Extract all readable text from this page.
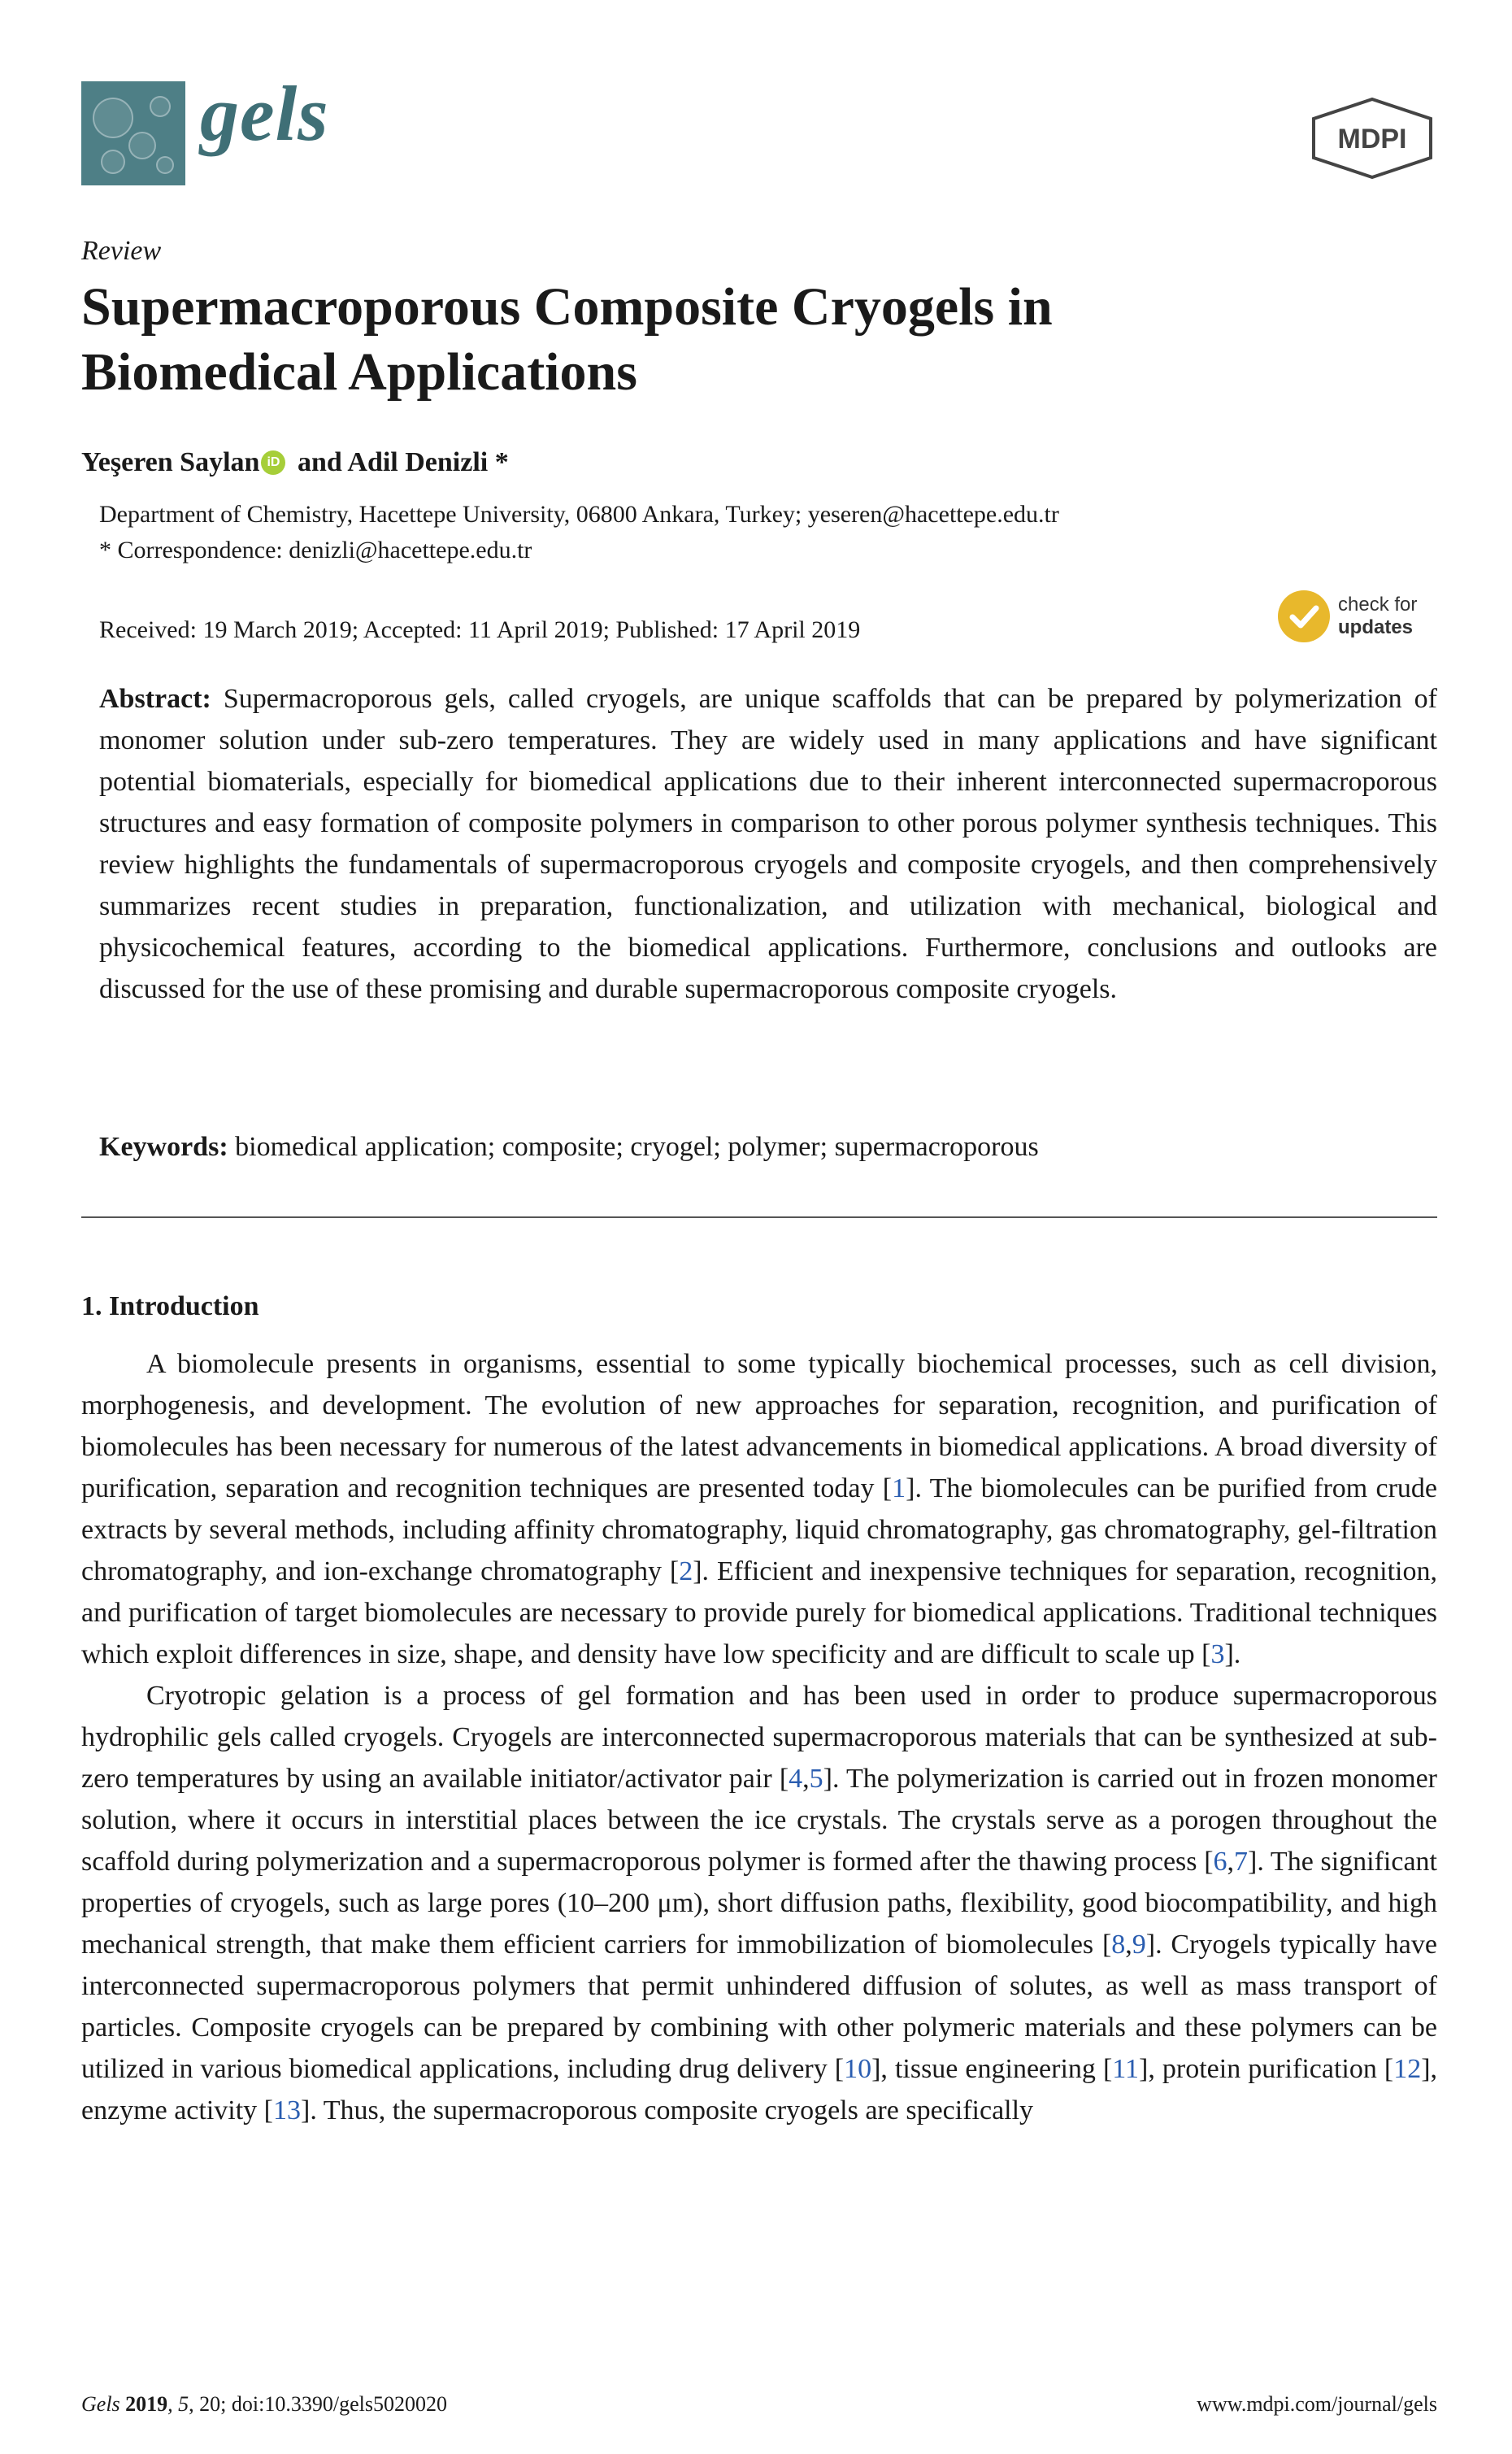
gels	MDPI
Review
Supermacroporous Composite Cryogels in
Biomedical Applications
Yeşeren Saylan iD and Adil Denizli *
Department of Chemistry, Hacettepe University, 06800 Ankara, Turkey; yeseren@hacettepe.edu.tr
* Correspondence: denizli@hacettepe.edu.tr
Received: 19 March 2019; Accepted: 11 April 2019; Published: 17 April 2019
check for
updates

Abstract: Supermacroporous gels, called cryogels, are unique scaffolds that can be prepared by polymerization of monomer solution under sub-zero temperatures. They are widely used in many applications and have significant potential biomaterials, especially for biomedical applications due to their inherent interconnected supermacroporous structures and easy formation of composite polymers in comparison to other porous polymer synthesis techniques. This review highlights the fundamentals of supermacroporous cryogels and composite cryogels, and then comprehensively summarizes recent studies in preparation, functionalization, and utilization with mechanical, biological and physicochemical features, according to the biomedical applications. Furthermore, conclusions and outlooks are discussed for the use of these promising and durable supermacroporous composite cryogels.

Keywords: biomedical application; composite; cryogel; polymer; supermacroporous

1. Introduction

A biomolecule presents in organisms, essential to some typically biochemical processes, such as cell division, morphogenesis, and development. The evolution of new approaches for separation, recognition, and purification of biomolecules has been necessary for numerous of the latest advancements in biomedical applications. A broad diversity of purification, separation and recognition techniques are presented today [1]. The biomolecules can be purified from crude extracts by several methods, including affinity chromatography, liquid chromatography, gas chromatography, gel-filtration chromatography, and ion-exchange chromatography [2]. Efficient and inexpensive techniques for separation, recognition, and purification of target biomolecules are necessary to provide purely for biomedical applications. Traditional techniques which exploit differences in size, shape, and density have low specificity and are difficult to scale up [3].

Cryotropic gelation is a process of gel formation and has been used in order to produce supermacroporous hydrophilic gels called cryogels. Cryogels are interconnected supermacroporous materials that can be synthesized at sub-zero temperatures by using an available initiator/activator pair [4,5]. The polymerization is carried out in frozen monomer solution, where it occurs in interstitial places between the ice crystals. The crystals serve as a porogen throughout the scaffold during polymerization and a supermacroporous polymer is formed after the thawing process [6,7]. The significant properties of cryogels, such as large pores (10–200 μm), short diffusion paths, flexibility, good biocompatibility, and high mechanical strength, that make them efficient carriers for immobilization of biomolecules [8,9]. Cryogels typically have interconnected supermacroporous polymers that permit unhindered diffusion of solutes, as well as mass transport of particles. Composite cryogels can be prepared by combining with other polymeric materials and these polymers can be utilized in various biomedical applications, including drug delivery [10], tissue engineering [11], protein purification [12], enzyme activity [13]. Thus, the supermacroporous composite cryogels are specifically

Gels 2019, 5, 20; doi:10.3390/gels5020020	www.mdpi.com/journal/gels
